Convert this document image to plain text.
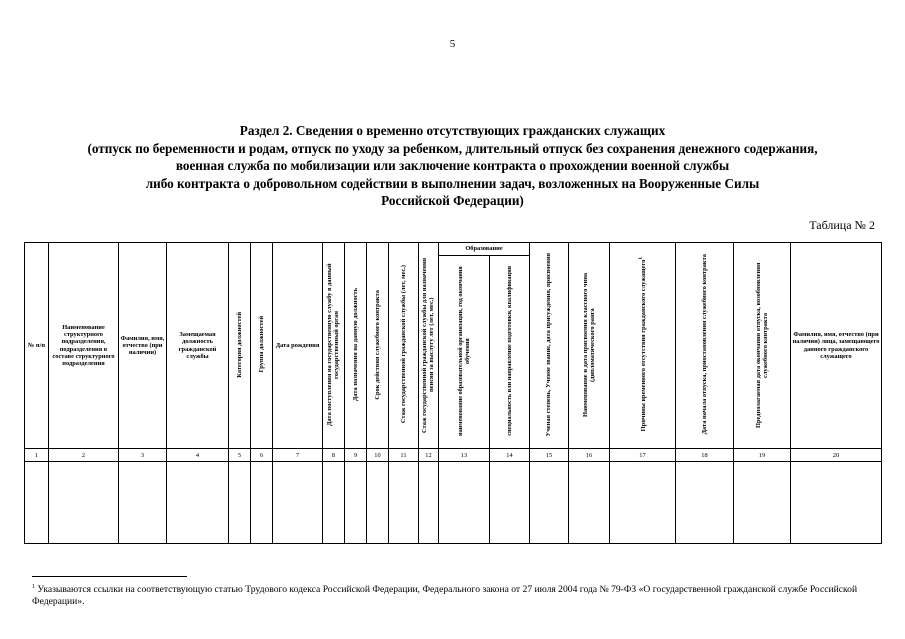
5
Раздел 2. Сведения о временно отсутствующих гражданских служащих
(отпуск по беременности и родам, отпуск по уходу за ребенком, длительный отпуск без сохранения денежного содержания,
военная служба по мобилизации или заключение контракта о прохождении военной службы
либо контракта о добровольном содействии в выполнении задач, возложенных на Вооруженные Силы
Российской Федерации)
Таблица № 2
№ п/п	Наименование структурного подразделения, подразделения в составе структурного подразделения	Фамилия, имя, отчество (при наличии)	Замещаемая должность гражданской службы	Категория должностей	Группа должностей	Дата рождения	Дата поступления на государственную службу в данный государственный орган	Дата назначения на данную должность	Срок действия служебного контракта	Стаж государственной гражданской службы (лет, мес.)	Стаж государственной гражданской службы для назначения пенсии за выслугу лет (лет, мес.)	Образование		Ученая степень, Ученое звание, дата присуждения, присвоения	Наименование и дата присвоения классного чина (дипломатического ранга	Причины временного отсутствия гражданского служащего$^1$	Дата начала отпуска, приостановления служебного контракта	Предполагаемая дата окончания отпуска, возобновления служебного контракта	Фамилия, имя, отчество (при наличии) лица, замещающего данного гражданского служащего
												наименование образовательной организации, год окончания обучения	специальность или направление подготовки, квалификация						
1	2	3	4	5	6	7	8	9	10	11	12	13	14	15	16	17	18	19	20

$^1$ Указываются ссылки на соответствующую статью Трудового кодекса Российской Федерации, Федерального закона от 27 июля 2004 года № 79-ФЗ «О государственной гражданской службе Российской Федерации».
